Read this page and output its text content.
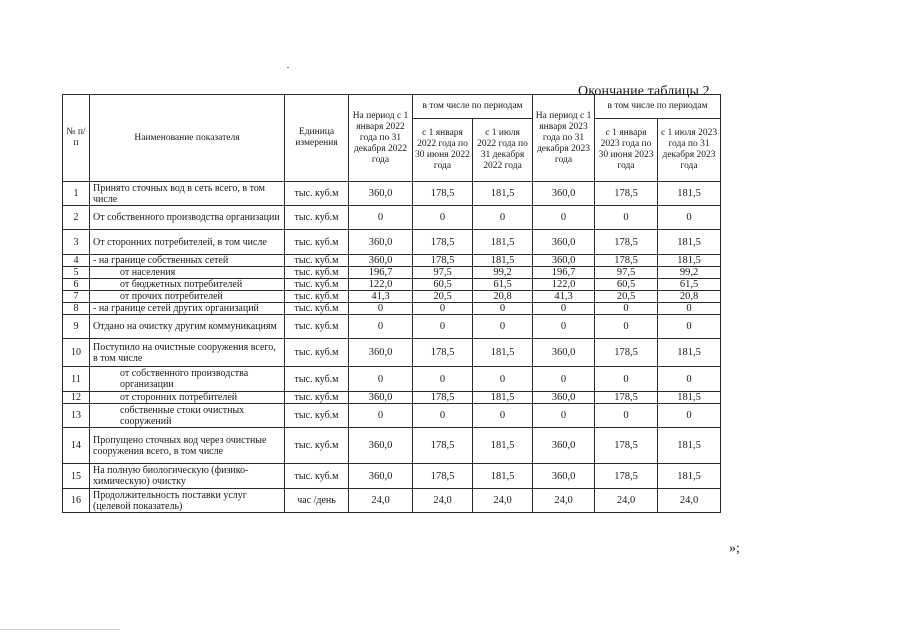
Окончание таблицы 2
№ п/п	Наименование показателя	Единица измерения	На период с 1 января 2022 года по 31 декабря 2022 года	в том числе по периодам		На период с 1 января 2023 года по 31 декабря 2023 года	в том числе по периодам	
				с 1 января 2022 года по 30 июня 2022 года	с 1 июля 2022 года по 31 декабря 2022 года		с 1 января 2023 года по 30 июня 2023 года	с 1 июля 2023 года по 31 декабря 2023 года
1	Принято сточных вод в сеть всего, в том числе	тыс. куб.м	360,0	178,5	181,5	360,0	178,5	181,5
2	От собственного производства организации	тыс. куб.м	0	0	0	0	0	0
3	От сторонних потребителей, в том числе	тыс. куб.м	360,0	178,5	181,5	360,0	178,5	181,5
4	- на границе собственных сетей	тыс. куб.м	360,0	178,5	181,5	360,0	178,5	181,5
5	от населения	тыс. куб.м	196,7	97,5	99,2	196,7	97,5	99,2
6	от бюджетных потребителей	тыс. куб.м	122,0	60,5	61,5	122,0	60,5	61,5
7	от прочих потребителей	тыс. куб.м	41,3	20,5	20,8	41,3	20,5	20,8
8	- на границе сетей других организаций	тыс. куб.м	0	0	0	0	0	0
9	Отдано на очистку другим коммуникациям	тыс. куб.м	0	0	0	0	0	0
10	Поступило на очистные сооружения всего, в том числе	тыс. куб.м	360,0	178,5	181,5	360,0	178,5	181,5
11	от собственного производства организации	тыс. куб.м	0	0	0	0	0	0
12	от сторонних потребителей	тыс. куб.м	360,0	178,5	181,5	360,0	178,5	181,5
13	собственные стоки очистных сооружений	тыс. куб.м	0	0	0	0	0	0
14	Пропущено сточных вод через очистные сооружения всего, в том числе	тыс. куб.м	360,0	178,5	181,5	360,0	178,5	181,5
15	На полную биологическую (физико-химическую) очистку	тыс. куб.м	360,0	178,5	181,5	360,0	178,5	181,5
16	Продолжительность поставки услуг (целевой показатель)	час /день	24,0	24,0	24,0	24,0	24,0	24,0
»;
